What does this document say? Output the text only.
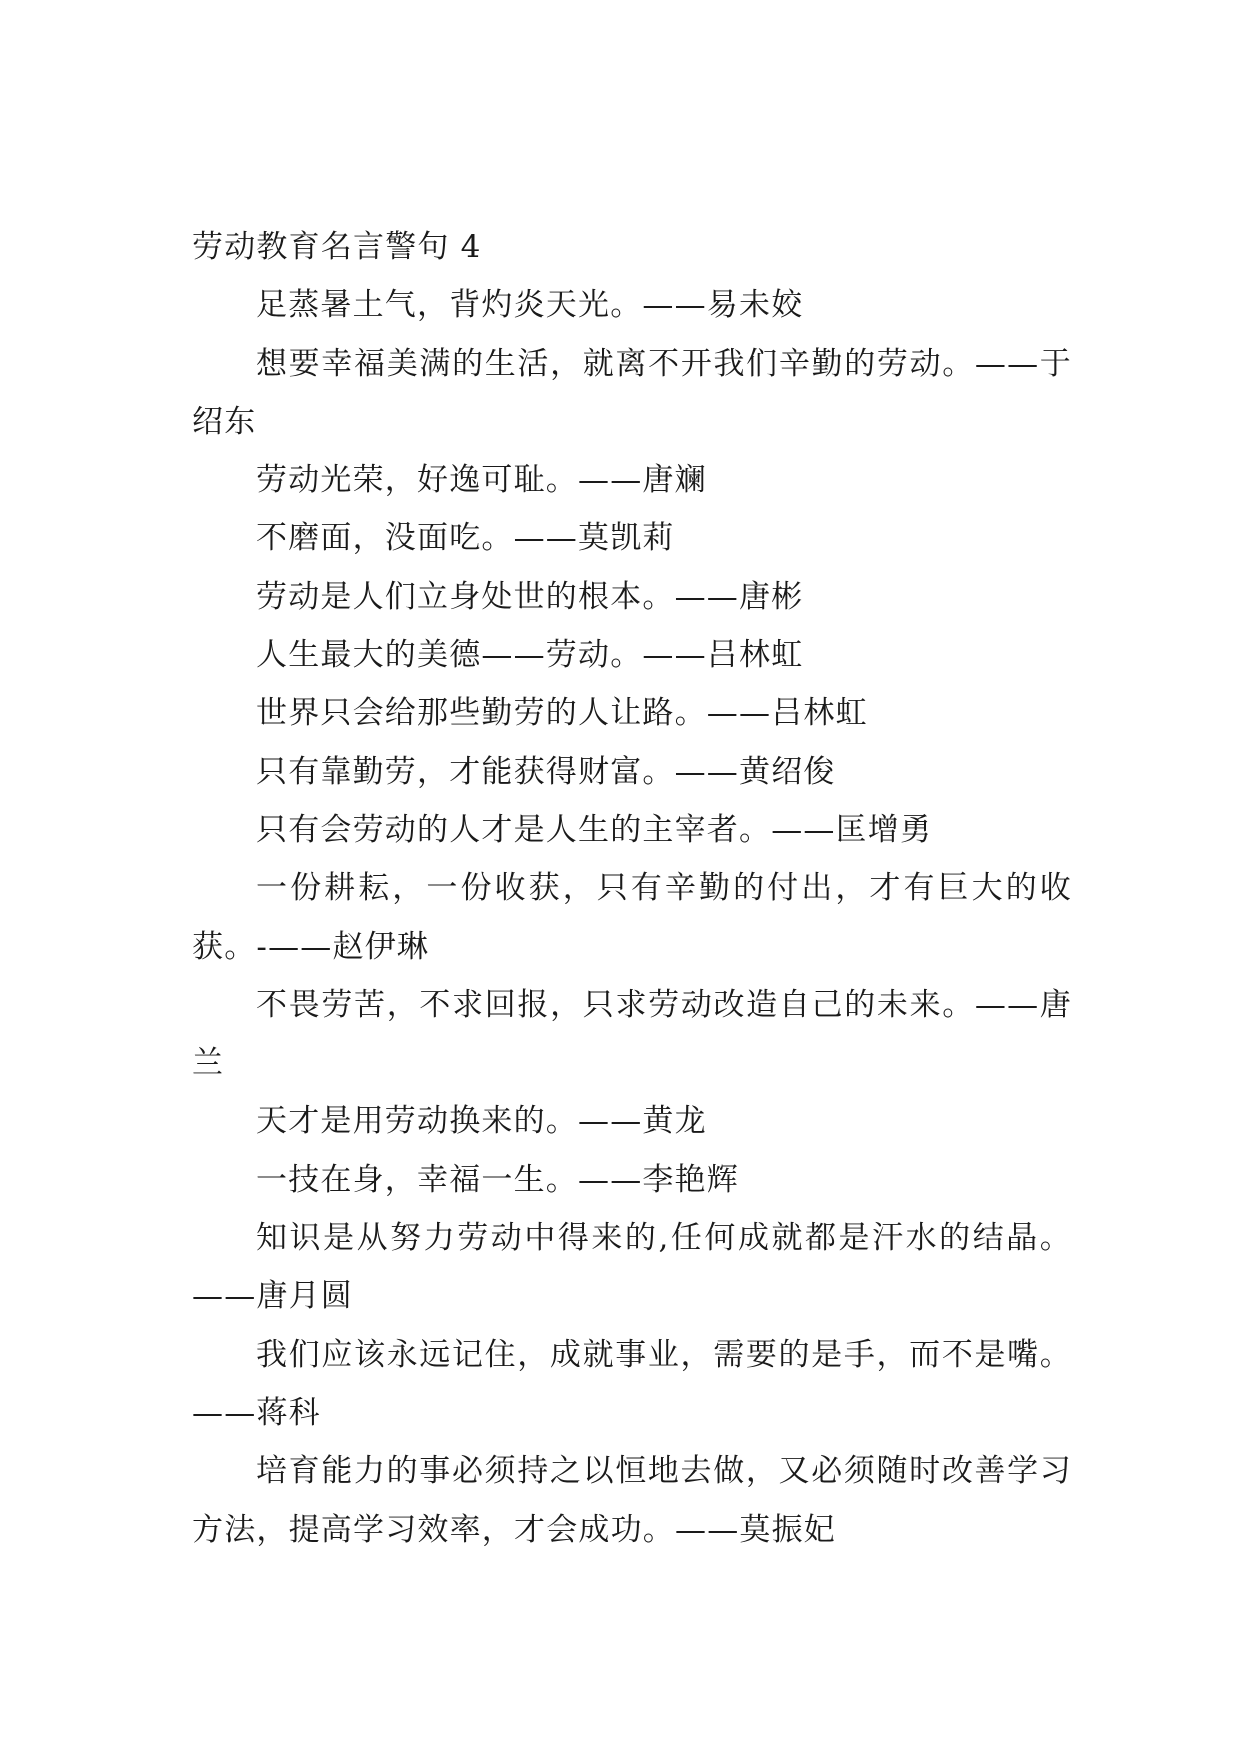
劳动教育名言警句 4

足蒸暑土气，背灼炎天光。——易未姣

想要幸福美满的生活，就离不开我们辛勤的劳动。——于绍东

劳动光荣，好逸可耻。——唐斓

不磨面，没面吃。——莫凯莉

劳动是人们立身处世的根本。——唐彬

人生最大的美德——劳动。——吕林虹

世界只会给那些勤劳的人让路。——吕林虹

只有靠勤劳，才能获得财富。——黄绍俊

只有会劳动的人才是人生的主宰者。——匡增勇

一份耕耘，一份收获，只有辛勤的付出，才有巨大的收获。-——赵伊琳

不畏劳苦，不求回报，只求劳动改造自己的未来。——唐兰

天才是用劳动换来的。——黄龙

一技在身，幸福一生。——李艳辉

知识是从努力劳动中得来的,任何成就都是汗水的结晶。——唐月圆

我们应该永远记住，成就事业，需要的是手，而不是嘴。——蒋科

培育能力的事必须持之以恒地去做，又必须随时改善学习方法，提高学习效率，才会成功。——莫振妃
